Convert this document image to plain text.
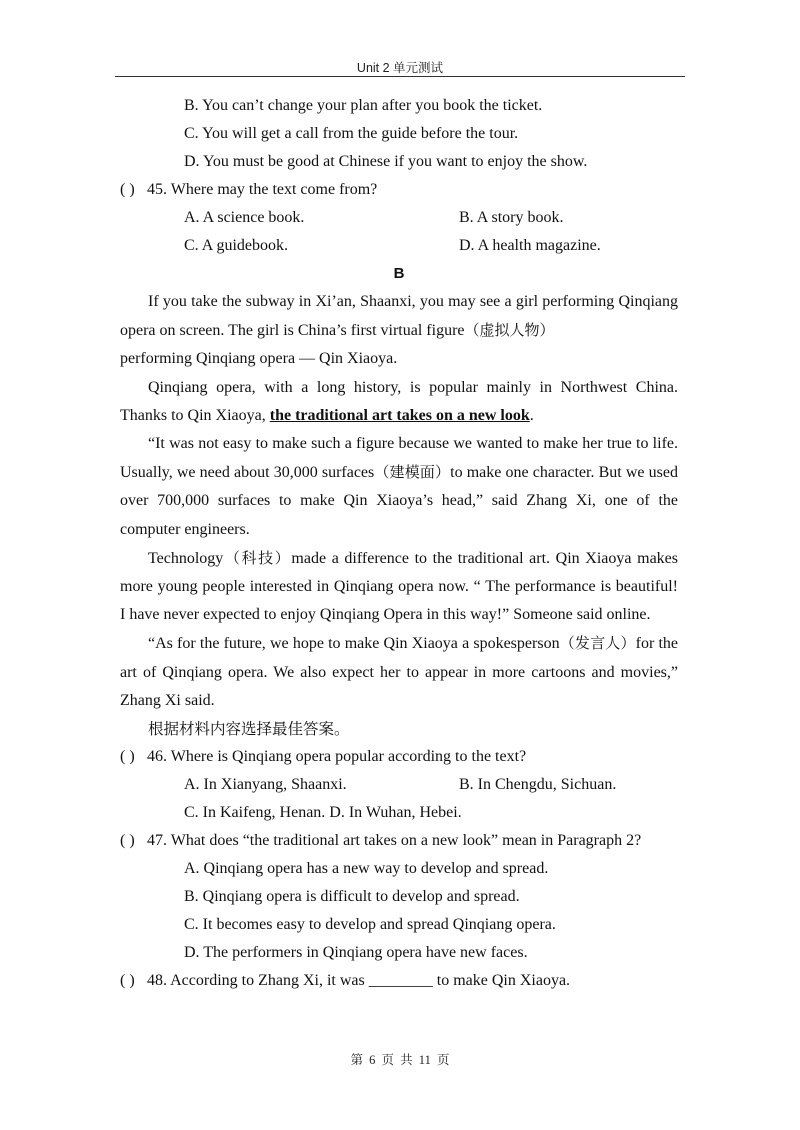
Unit 2 单元测试
B. You can’t change your plan after you book the ticket.
C. You will get a call from the guide before the tour.
D. You must be good at Chinese if you want to enjoy the show.
( ) 45. Where may the text come from?
A. A science book.	B. A story book.
C. A guidebook.	D. A health magazine.
B

If you take the subway in Xi’an, Shaanxi, you may see a girl performing Qinqiang opera on screen. The girl is China’s first virtual figure（虚拟人物）
performing Qinqiang opera — Qin Xiaoya.

Qinqiang opera, with a long history, is popular mainly in Northwest China. Thanks to Qin Xiaoya, the traditional art takes on a new look.

“It was not easy to make such a figure because we wanted to make her true to life. Usually, we need about 30,000 surfaces（建模面）to make one character. But we used over 700,000 surfaces to make Qin Xiaoya’s head,” said Zhang Xi, one of the computer engineers.

Technology（科技）made a difference to the traditional art. Qin Xiaoya makes more young people interested in Qinqiang opera now. “ The performance is beautiful! I have never expected to enjoy Qinqiang Opera in this way!” Someone said online.

“As for the future, we hope to make Qin Xiaoya a spokesperson（发言人）for the art of Qinqiang opera. We also expect her to appear in more cartoons and movies,” Zhang Xi said.

根据材料内容选择最佳答案。
( ) 46. Where is Qinqiang opera popular according to the text?
A. In Xianyang, Shaanxi.	B. In Chengdu, Sichuan.
C. In Kaifeng, Henan. D. In Wuhan, Hebei.
( ) 47. What does “the traditional art takes on a new look” mean in Paragraph 2?
A. Qinqiang opera has a new way to develop and spread.
B. Qinqiang opera is difficult to develop and spread.
C. It becomes easy to develop and spread Qinqiang opera.
D. The performers in Qinqiang opera have new faces.
( ) 48. According to Zhang Xi, it was ________ to make Qin Xiaoya.
第 6 页 共 11 页
